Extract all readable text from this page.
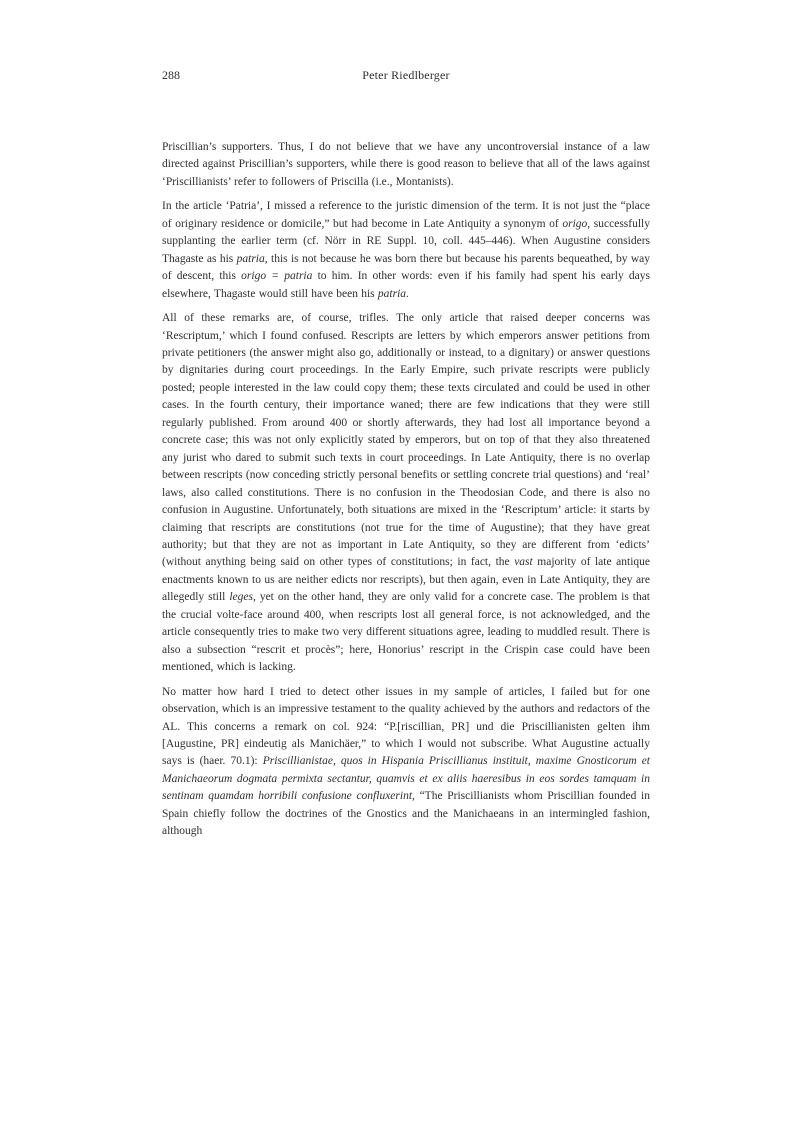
288	Peter Riedlberger

Priscillian’s supporters. Thus, I do not believe that we have any uncontroversial instance of a law directed against Priscillian’s supporters, while there is good reason to believe that all of the laws against ‘Priscillianists’ refer to followers of Priscilla (i.e., Montanists).

In the article ‘Patria’, I missed a reference to the juristic dimension of the term. It is not just the “place of originary residence or domicile,” but had become in Late Antiquity a synonym of origo, successfully supplanting the earlier term (cf. Nörr in RE Suppl. 10, coll. 445–446). When Augustine considers Thagaste as his patria, this is not because he was born there but because his parents bequeathed, by way of descent, this origo = patria to him. In other words: even if his family had spent his early days elsewhere, Thagaste would still have been his patria.

All of these remarks are, of course, trifles. The only article that raised deeper concerns was ‘Rescriptum,’ which I found confused. Rescripts are letters by which emperors answer petitions from private petitioners (the answer might also go, additionally or instead, to a dignitary) or answer questions by dignitaries during court proceedings. In the Early Empire, such private rescripts were publicly posted; people interested in the law could copy them; these texts circulated and could be used in other cases. In the fourth century, their importance waned; there are few indications that they were still regularly published. From around 400 or shortly afterwards, they had lost all importance beyond a concrete case; this was not only explicitly stated by emperors, but on top of that they also threatened any jurist who dared to submit such texts in court proceedings. In Late Antiquity, there is no overlap between rescripts (now conceding strictly personal benefits or settling concrete trial questions) and ‘real’ laws, also called constitutions. There is no confusion in the Theodosian Code, and there is also no confusion in Augustine. Unfortunately, both situations are mixed in the ‘Rescriptum’ article: it starts by claiming that rescripts are constitutions (not true for the time of Augustine); that they have great authority; but that they are not as important in Late Antiquity, so they are different from ‘edicts’ (without anything being said on other types of constitutions; in fact, the vast majority of late antique enactments known to us are neither edicts nor rescripts), but then again, even in Late Antiquity, they are allegedly still leges, yet on the other hand, they are only valid for a concrete case. The problem is that the crucial volte-face around 400, when rescripts lost all general force, is not acknowledged, and the article consequently tries to make two very different situations agree, leading to muddled result. There is also a subsection “rescrit et procès”; here, Honorius’ rescript in the Crispin case could have been mentioned, which is lacking.

No matter how hard I tried to detect other issues in my sample of articles, I failed but for one observation, which is an impressive testament to the quality achieved by the authors and redactors of the AL. This concerns a remark on col. 924: “P.[riscillian, PR] und die Priscillianisten gelten ihm [Augustine, PR] eindeutig als Manichäer,” to which I would not subscribe. What Augustine actually says is (haer. 70.1): Priscillianistae, quos in Hispania Priscillianus instituit, maxime Gnosticorum et Manichaeorum dogmata permixta sectantur, quamvis et ex aliis haeresibus in eos sordes tamquam in sentinam quamdam horribili confusione confluxerint, “The Priscillianists whom Priscillian founded in Spain chiefly follow the doctrines of the Gnostics and the Manichaeans in an intermingled fashion, although
